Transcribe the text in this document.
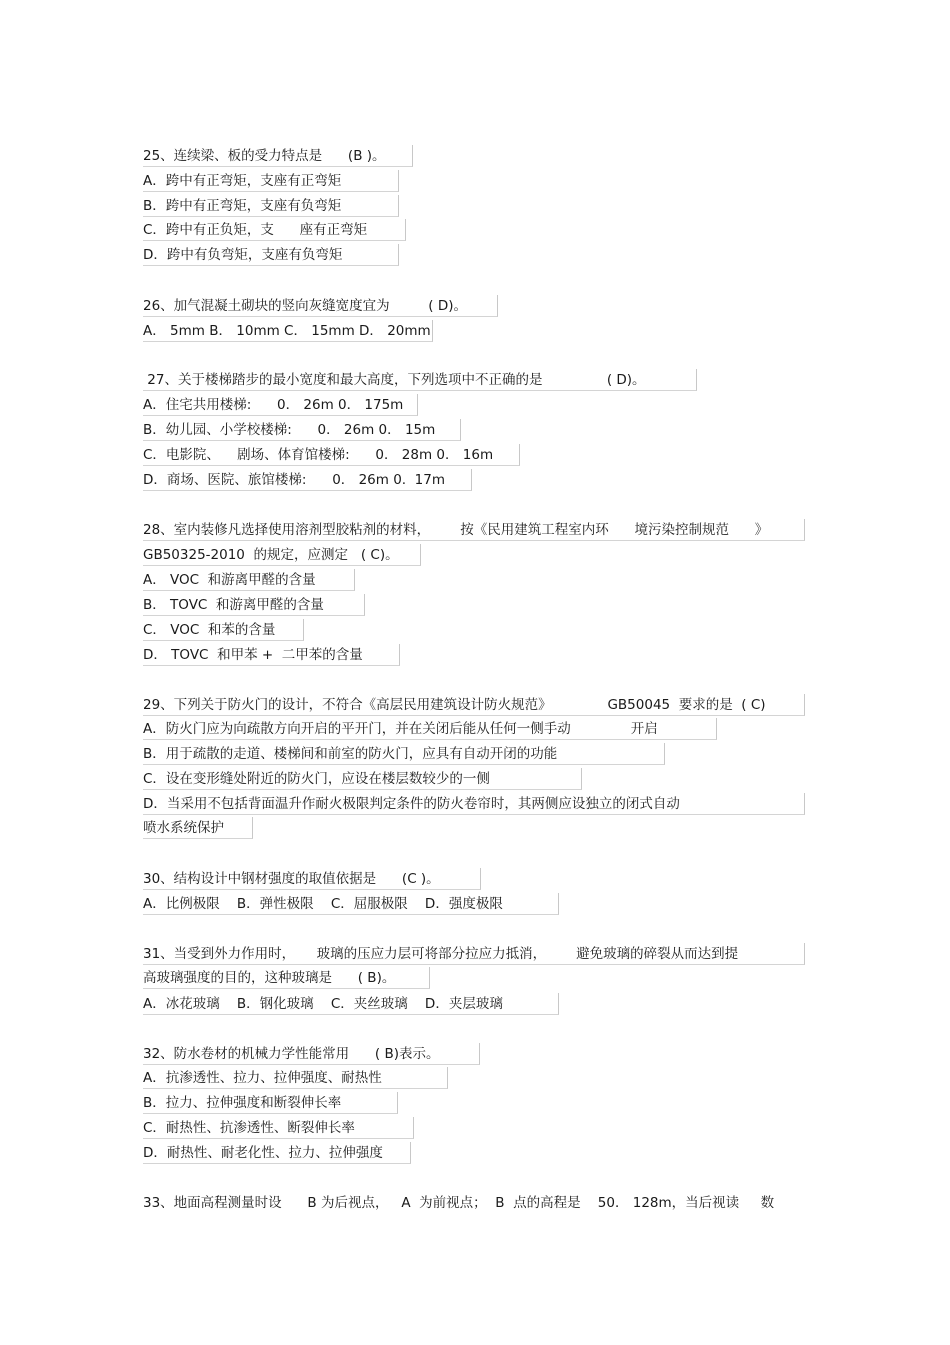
25、连续梁、板的受力特点是      (B )。
A．跨中有正弯矩，支座有正弯矩
B．跨中有正弯矩，支座有负弯矩
C．跨中有正负矩，支      座有正弯矩
D．跨中有负弯矩，支座有负弯矩
26、加气混凝土砌块的竖向灰缝宽度宜为         ( D)。
A． 5mm B． 10mm C． 15mm D． 20mm
27、关于楼梯踏步的最小宽度和最大高度，下列选项中不正确的是               ( D)。
A．住宅共用楼梯:      0． 26m 0． 175m
B．幼儿园、小学校楼梯:      0． 26m 0． 15m
C．电影院、    剧场、体育馆楼梯:      0． 28m 0． 16m
D．商场、医院、旅馆楼梯:      0． 26m 0.  17m
28、室内装修凡选择使用溶剂型胶粘剂的材料，       按《民用建筑工程室内环      境污染控制规范      》
GB50325-2010  的规定，应测定   ( C)。
A． VOC  和游离甲醛的含量
B． TOVC  和游离甲醛的含量
C． VOC  和苯的含量
D． TOVC  和甲苯 +  二甲苯的含量
29、下列关于防火门的设计，不符合《高层民用建筑设计防火规范》             GB50045  要求的是  ( C)
A．防火门应为向疏散方向开启的平开门，并在关闭后能从任何一侧手动              开启
B．用于疏散的走道、楼梯间和前室的防火门，应具有自动开闭的功能
C．设在变形缝处附近的防火门，应设在楼层数较少的一侧
D．当采用不包括背面温升作耐火极限判定条件的防火卷帘时，其两侧应设独立的闭式自动
喷水系统保护
30、结构设计中钢材强度的取值依据是      (C )。
A．比例极限    B．弹性极限    C．屈服极限    D．强度极限
31、当受到外力作用时，     玻璃的压应力层可将部分拉应力抵消，       避免玻璃的碎裂从而达到提
高玻璃强度的目的，这种玻璃是      ( B)。
A．冰花玻璃    B．钢化玻璃    C．夹丝玻璃    D．夹层玻璃
32、防水卷材的机械力学性能常用      ( B)表示。
A．抗渗透性、拉力、拉伸强度、耐热性
B．拉力、拉伸强度和断裂伸长率
C．耐热性、抗渗透性、断裂伸长率
D．耐热性、耐老化性、拉力、拉伸强度
33、地面高程测量时设      B 为后视点，   A  为前视点；  B  点的高程是    50． 128m，当后视读     数
